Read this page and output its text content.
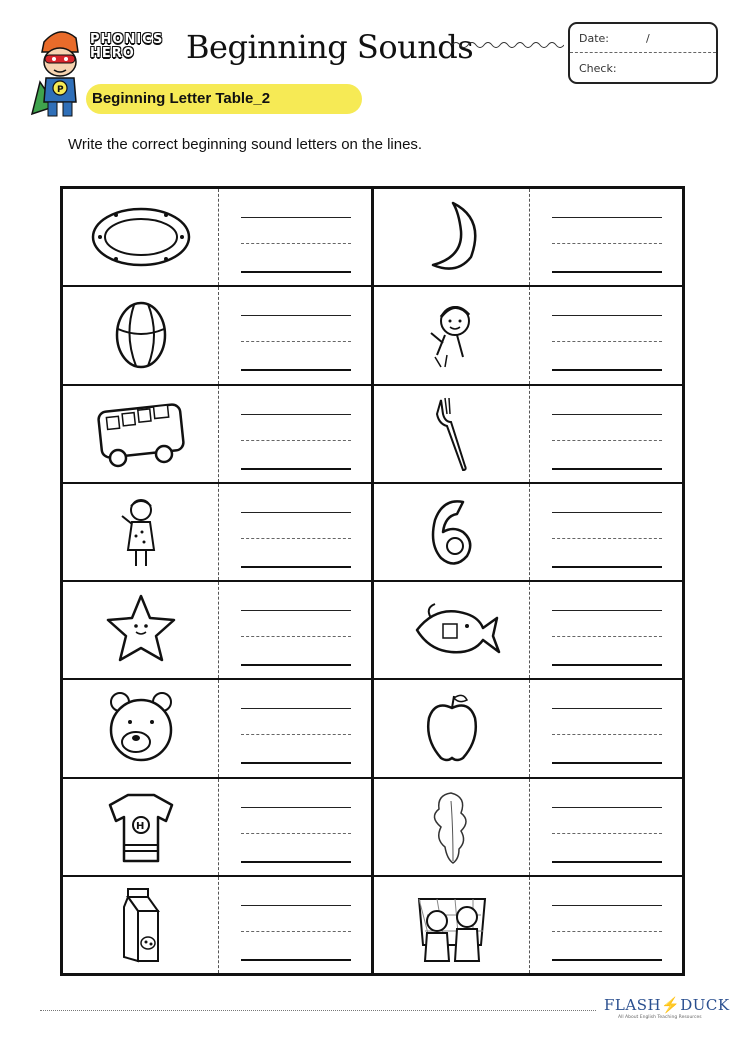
P
PHONICS
HERO	Beginning Sounds	Date:	/
Check:
Beginning Letter Table_2
Write the correct beginning sound letters on the lines.
H
FLASH⚡DUCK
All About English Teaching Resources
